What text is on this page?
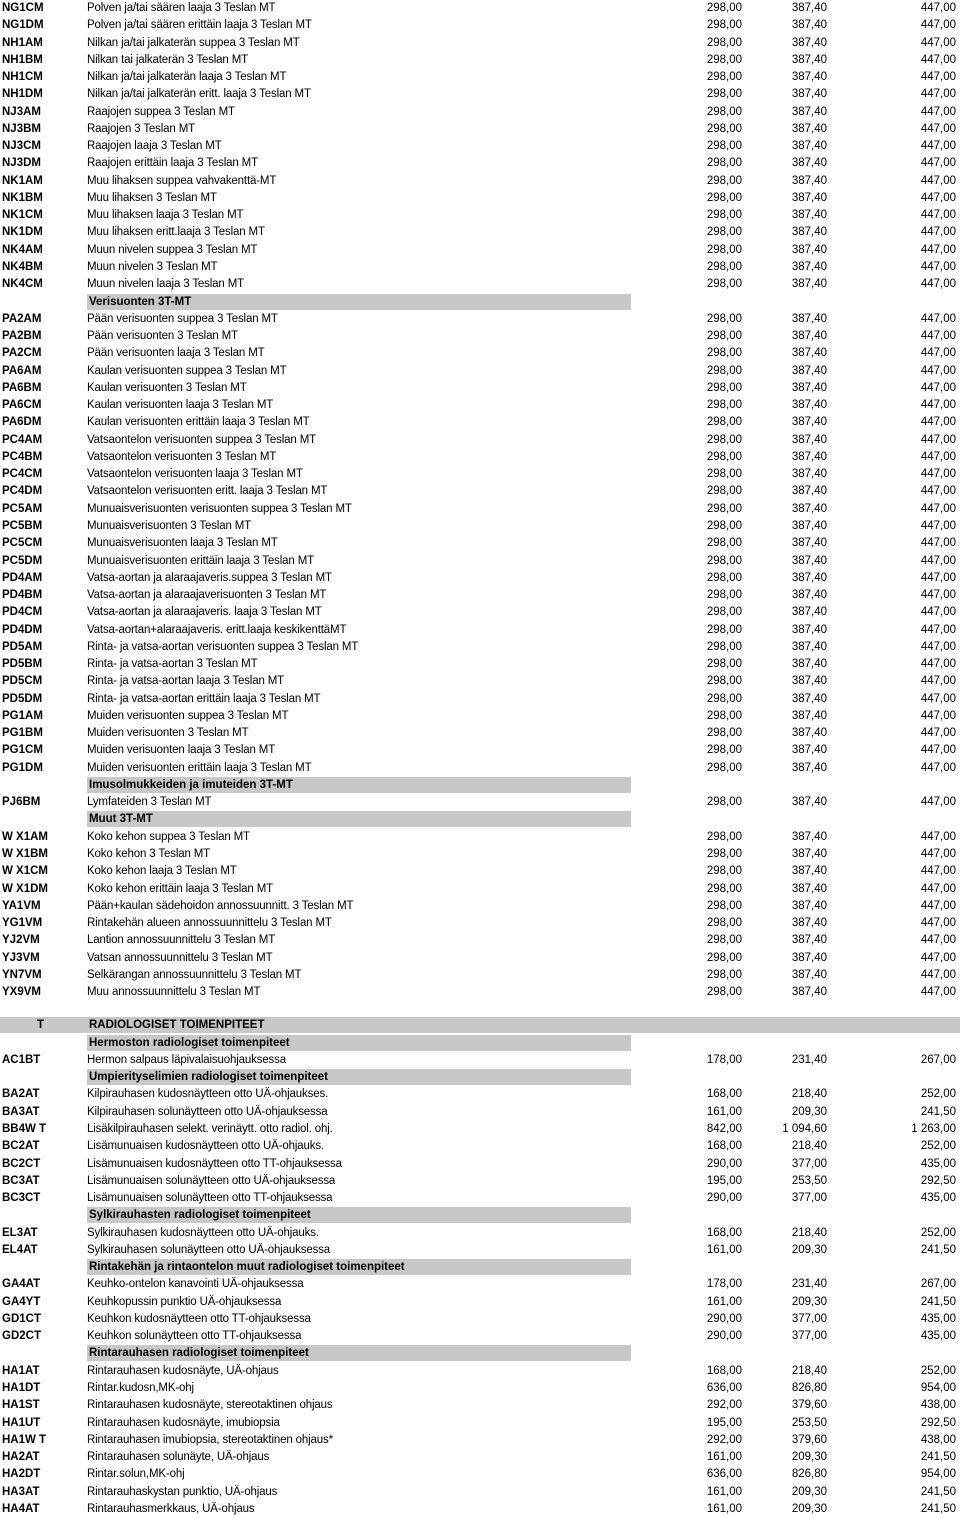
NG1CM	Polven ja/tai säären laaja 3 Teslan MT	298,00	387,40	447,00
NG1DM	Polven ja/tai säären erittäin laaja 3 Teslan MT	298,00	387,40	447,00
NH1AM	Nilkan ja/tai jalkaterän suppea 3 Teslan MT	298,00	387,40	447,00
NH1BM	Nilkan tai jalkaterän 3 Teslan MT	298,00	387,40	447,00
NH1CM	Nilkan ja/tai jalkaterän laaja 3 Teslan MT	298,00	387,40	447,00
NH1DM	Nilkan ja/tai jalkaterän eritt. laaja 3 Teslan MT	298,00	387,40	447,00
NJ3AM	Raajojen suppea 3 Teslan MT	298,00	387,40	447,00
NJ3BM	Raajojen 3 Teslan MT	298,00	387,40	447,00
NJ3CM	Raajojen laaja 3 Teslan MT	298,00	387,40	447,00
NJ3DM	Raajojen erittäin laaja 3 Teslan MT	298,00	387,40	447,00
NK1AM	Muu lihaksen suppea vahvakenttä-MT	298,00	387,40	447,00
NK1BM	Muu lihaksen 3 Teslan MT	298,00	387,40	447,00
NK1CM	Muu lihaksen laaja 3 Teslan MT	298,00	387,40	447,00
NK1DM	Muu lihaksen eritt.laaja 3 Teslan MT	298,00	387,40	447,00
NK4AM	Muun nivelen suppea 3 Teslan MT	298,00	387,40	447,00
NK4BM	Muun nivelen 3 Teslan MT	298,00	387,40	447,00
NK4CM	Muun nivelen laaja 3 Teslan MT	298,00	387,40	447,00
Verisuonten 3T-MT
PA2AM	Pään verisuonten suppea 3 Teslan MT	298,00	387,40	447,00
PA2BM	Pään verisuonten 3 Teslan MT	298,00	387,40	447,00
PA2CM	Pään verisuonten laaja 3 Teslan MT	298,00	387,40	447,00
PA6AM	Kaulan verisuonten suppea 3 Teslan MT	298,00	387,40	447,00
PA6BM	Kaulan verisuonten 3 Teslan MT	298,00	387,40	447,00
PA6CM	Kaulan verisuonten laaja 3 Teslan MT	298,00	387,40	447,00
PA6DM	Kaulan verisuonten erittäin laaja 3 Teslan MT	298,00	387,40	447,00
PC4AM	Vatsaontelon verisuonten suppea 3 Teslan MT	298,00	387,40	447,00
PC4BM	Vatsaontelon verisuonten 3 Teslan MT	298,00	387,40	447,00
PC4CM	Vatsaontelon verisuonten laaja 3 Teslan MT	298,00	387,40	447,00
PC4DM	Vatsaontelon verisuonten eritt. laaja 3 Teslan MT	298,00	387,40	447,00
PC5AM	Munuaisverisuonten verisuonten suppea 3 Teslan MT	298,00	387,40	447,00
PC5BM	Munuaisverisuonten 3 Teslan MT	298,00	387,40	447,00
PC5CM	Munuaisverisuonten laaja 3 Teslan MT	298,00	387,40	447,00
PC5DM	Munuaisverisuonten erittäin laaja 3 Teslan MT	298,00	387,40	447,00
PD4AM	Vatsa-aortan ja alaraajaveris.suppea 3 Teslan MT	298,00	387,40	447,00
PD4BM	Vatsa-aortan ja alaraajaverisuonten 3 Teslan MT	298,00	387,40	447,00
PD4CM	Vatsa-aortan ja alaraajaveris. laaja 3 Teslan MT	298,00	387,40	447,00
PD4DM	Vatsa-aortan+alaraajaveris. eritt.laaja keskikenttäMT	298,00	387,40	447,00
PD5AM	Rinta- ja vatsa-aortan verisuonten suppea 3 Teslan MT	298,00	387,40	447,00
PD5BM	Rinta- ja vatsa-aortan 3 Teslan MT	298,00	387,40	447,00
PD5CM	Rinta- ja vatsa-aortan laaja 3 Teslan MT	298,00	387,40	447,00
PD5DM	Rinta- ja vatsa-aortan erittäin laaja 3 Teslan MT	298,00	387,40	447,00
PG1AM	Muiden verisuonten suppea 3 Teslan MT	298,00	387,40	447,00
PG1BM	Muiden verisuonten 3 Teslan MT	298,00	387,40	447,00
PG1CM	Muiden verisuonten laaja 3 Teslan MT	298,00	387,40	447,00
PG1DM	Muiden verisuonten erittäin laaja 3 Teslan MT	298,00	387,40	447,00
Imusolmukkeiden ja imuteiden 3T-MT
PJ6BM	Lymfateiden 3 Teslan MT	298,00	387,40	447,00
Muut 3T-MT
W X1AM	Koko kehon suppea 3 Teslan MT	298,00	387,40	447,00
W X1BM	Koko kehon 3 Teslan MT	298,00	387,40	447,00
W X1CM	Koko kehon laaja 3 Teslan MT	298,00	387,40	447,00
W X1DM	Koko kehon erittäin laaja 3 Teslan MT	298,00	387,40	447,00
YA1VM	Pään+kaulan sädehoidon annossuunnitt. 3 Teslan MT	298,00	387,40	447,00
YG1VM	Rintakehän alueen annossuunnittelu 3 Teslan MT	298,00	387,40	447,00
YJ2VM	Lantion annossuunnittelu 3 Teslan MT	298,00	387,40	447,00
YJ3VM	Vatsan annossuunnittelu 3 Teslan MT	298,00	387,40	447,00
YN7VM	Selkärangan annossuunnittelu 3 Teslan MT	298,00	387,40	447,00
YX9VM	Muu annossuunnittelu 3 Teslan MT	298,00	387,40	447,00
T	RADIOLOGISET TOIMENPITEET
Hermoston radiologiset toimenpiteet
AC1BT	Hermon salpaus läpivalaisuohjauksessa	178,00	231,40	267,00
Umpierityselimien radiologiset toimenpiteet
BA2AT	Kilpirauhasen kudosnäytteen otto UÄ-ohjaukses.	168,00	218,40	252,00
BA3AT	Kilpirauhasen solunäytteen otto UÄ-ohjauksessa	161,00	209,30	241,50
BB4W T	Lisäkilpirauhasen selekt. verinäytt. otto radiol. ohj.	842,00	1 094,60	1 263,00
BC2AT	Lisämunuaisen kudosnäytteen otto UÄ-ohjauks.	168,00	218,40	252,00
BC2CT	Lisämunuaisen kudosnäytteen otto TT-ohjauksessa	290,00	377,00	435,00
BC3AT	Lisämunuaisen solunäytteen otto UÄ-ohjauksessa	195,00	253,50	292,50
BC3CT	Lisämunuaisen solunäytteen otto TT-ohjauksessa	290,00	377,00	435,00
Sylkirauhasten radiologiset toimenpiteet
EL3AT	Sylkirauhasen kudosnäytteen otto UÄ-ohjauks.	168,00	218,40	252,00
EL4AT	Sylkirauhasen solunäytteen otto UÄ-ohjauksessa	161,00	209,30	241,50
Rintakehän ja rintaontelon muut radiologiset toimenpiteet
GA4AT	Keuhko-ontelon kanavointi UÄ-ohjauksessa	178,00	231,40	267,00
GA4YT	Keuhkopussin punktio UÄ-ohjauksessa	161,00	209,30	241,50
GD1CT	Keuhkon kudosnäytteen otto TT-ohjauksessa	290,00	377,00	435,00
GD2CT	Keuhkon solunäytteen otto TT-ohjauksessa	290,00	377,00	435,00
Rintarauhasen radiologiset toimenpiteet
HA1AT	Rintarauhasen kudosnäyte, UÄ-ohjaus	168,00	218,40	252,00
HA1DT	Rintar.kudosn,MK-ohj	636,00	826,80	954,00
HA1ST	Rintarauhasen kudosnäyte, stereotaktinen ohjaus	292,00	379,60	438,00
HA1UT	Rintarauhasen kudosnäyte, imubiopsia	195,00	253,50	292,50
HA1W T	Rintarauhasen imubiopsia, stereotaktinen ohjaus*	292,00	379,60	438,00
HA2AT	Rintarauhasen solunäyte, UÄ-ohjaus	161,00	209,30	241,50
HA2DT	Rintar.solun,MK-ohj	636,00	826,80	954,00
HA3AT	Rintarauhaskystan punktio, UÄ-ohjaus	161,00	209,30	241,50
HA4AT	Rintarauhasmerkkaus, UÄ-ohjaus	161,00	209,30	241,50
